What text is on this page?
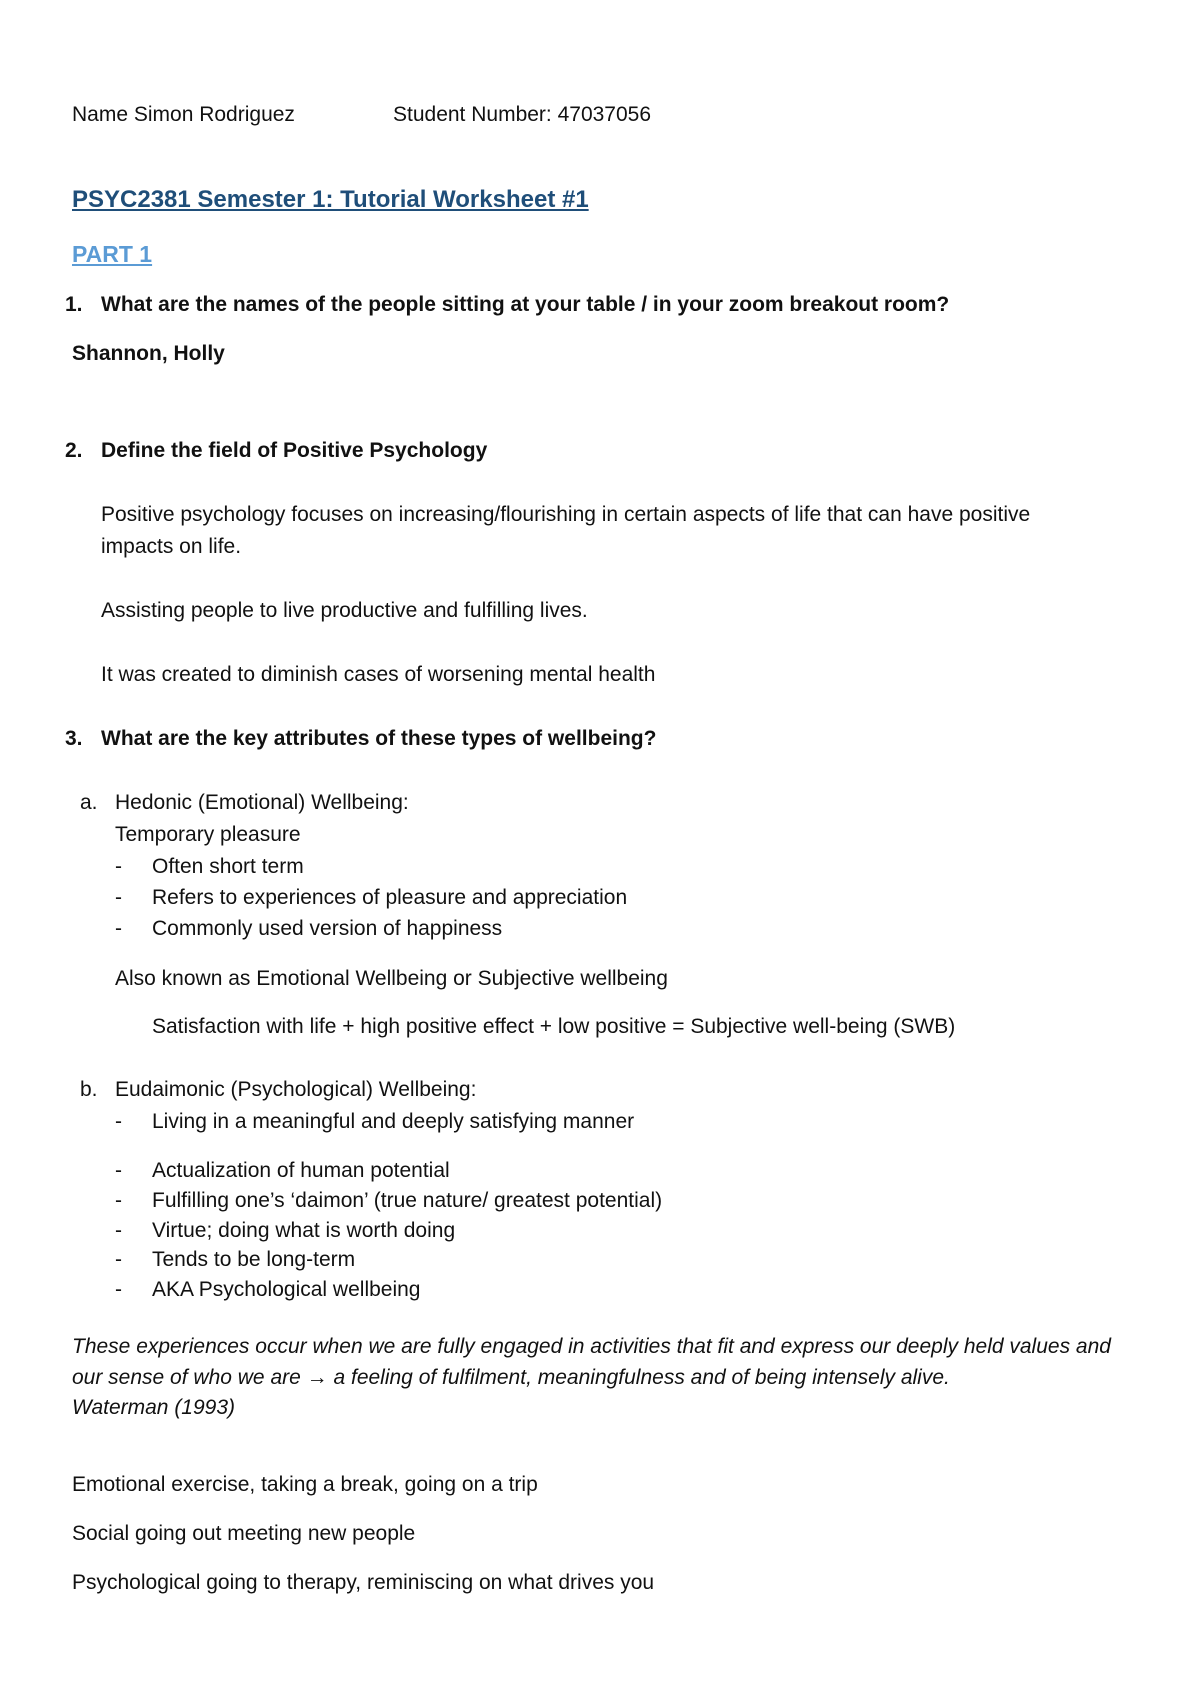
Name Simon Rodriguez	Student Number: 47037056
PSYC2381 Semester 1: Tutorial Worksheet #1
PART 1
1. What are the names of the people sitting at your table / in your zoom breakout room?
Shannon, Holly
2. Define the field of Positive Psychology
Positive psychology focuses on increasing/flourishing in certain aspects of life that can have positive
impacts on life.
Assisting people to live productive and fulfilling lives.
It was created to diminish cases of worsening mental health
3. What are the key attributes of these types of wellbeing?
a. Hedonic (Emotional) Wellbeing:
Temporary pleasure
- Often short term
- Refers to experiences of pleasure and appreciation
- Commonly used version of happiness
Also known as Emotional Wellbeing or Subjective wellbeing
Satisfaction with life + high positive effect + low positive = Subjective well-being (SWB)
b. Eudaimonic (Psychological) Wellbeing:
- Living in a meaningful and deeply satisfying manner
- Actualization of human potential
- Fulfilling one’s ‘daimon’ (true nature/ greatest potential)
- Virtue; doing what is worth doing
- Tends to be long-term
- AKA Psychological wellbeing
These experiences occur when we are fully engaged in activities that fit and express our deeply held values and
our sense of who we are → a feeling of fulfilment, meaningfulness and of being intensely alive.
Waterman (1993)
Emotional exercise, taking a break, going on a trip
Social going out meeting new people
Psychological going to therapy, reminiscing on what drives you
